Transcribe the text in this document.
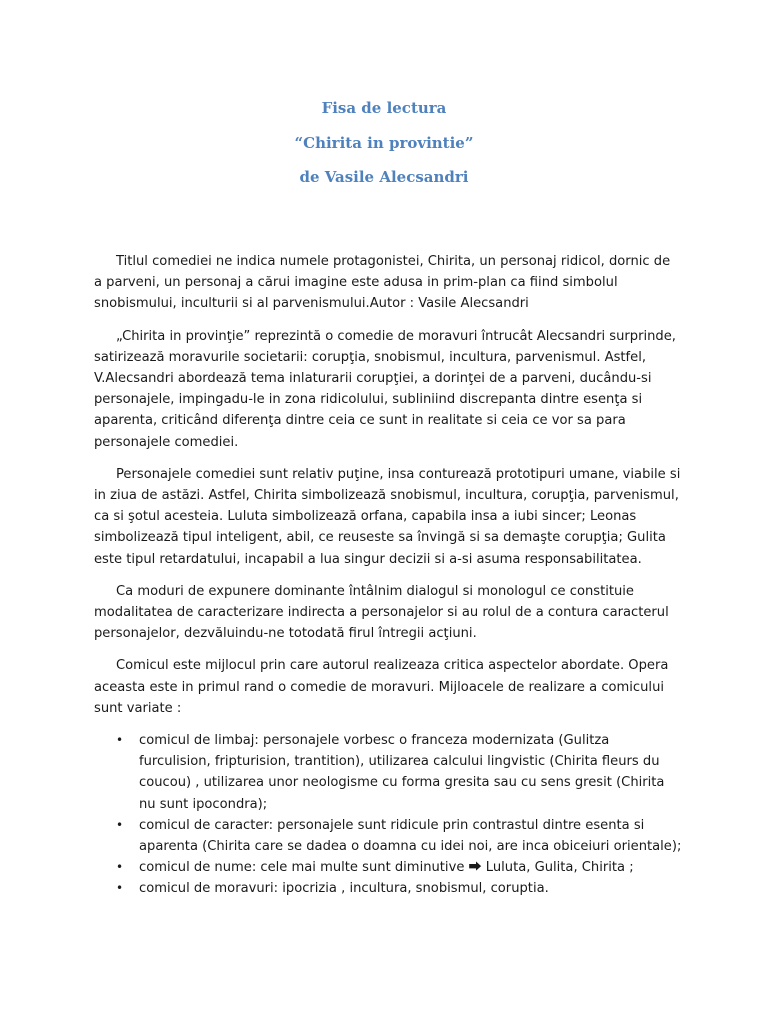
Fisa de lectura
“Chirita in provintie”
de Vasile Alecsandri

Titlul comediei ne indica numele protagonistei, Chirita, un personaj ridicol, dornic de a parveni, un personaj a cărui imagine este adusa in prim-plan ca fiind simbolul snobismului, inculturii si al parvenismului.Autor : Vasile Alecsandri

„Chirita in provinţie” reprezintă o comedie de moravuri întrucât Alecsandri surprinde, satirizează moravurile societarii: corupţia, snobismul, incultura, parvenismul. Astfel, V.Alecsandri abordează tema inlaturarii corupţiei, a dorinţei de a parveni, ducându-si personajele, impingadu-le in zona ridicolului, subliniind discrepanta dintre esenţa si aparenta, criticând diferenţa dintre ceia ce sunt in realitate si ceia ce vor sa para personajele comediei.

Personajele comediei sunt relativ puţine, insa conturează prototipuri umane, viabile si in ziua de astăzi. Astfel, Chirita simbolizează snobismul, incultura, corupţia, parvenismul, ca si şotul acesteia. Luluta simbolizează orfana, capabila insa a iubi sincer; Leonas simbolizează tipul inteligent, abil, ce reuseste sa învingă si sa demaşte corupţia; Gulita este tipul retardatului, incapabil a lua singur decizii si a-si asuma responsabilitatea.

Ca moduri de expunere dominante întâlnim dialogul si monologul ce constituie modalitatea de caracterizare indirecta a personajelor si au rolul de a contura caracterul personajelor, dezvăluindu-ne totodată firul întregii acţiuni.

Comicul este mijlocul prin care autorul realizeaza critica aspectelor abordate. Opera aceasta este in primul rand o comedie de moravuri. Mijloacele de realizare a comicului sunt variate :

• comicul de limbaj: personajele vorbesc o franceza modernizata (Gulitza furculision, fripturision, trantition), utilizarea calcului lingvistic (Chirita fleurs du coucou) , utilizarea unor neologisme cu forma gresita sau cu sens gresit (Chirita nu sunt ipocondra);
• comicul de caracter: personajele sunt ridicule prin contrastul dintre esenta si aparenta (Chirita care se dadea o doamna cu idei noi, are inca obiceiuri orientale);
• comicul de nume: cele mai multe sunt diminutive ⮕ Luluta, Gulita, Chirita ;
• comicul de moravuri: ipocrizia , incultura, snobismul, coruptia.
